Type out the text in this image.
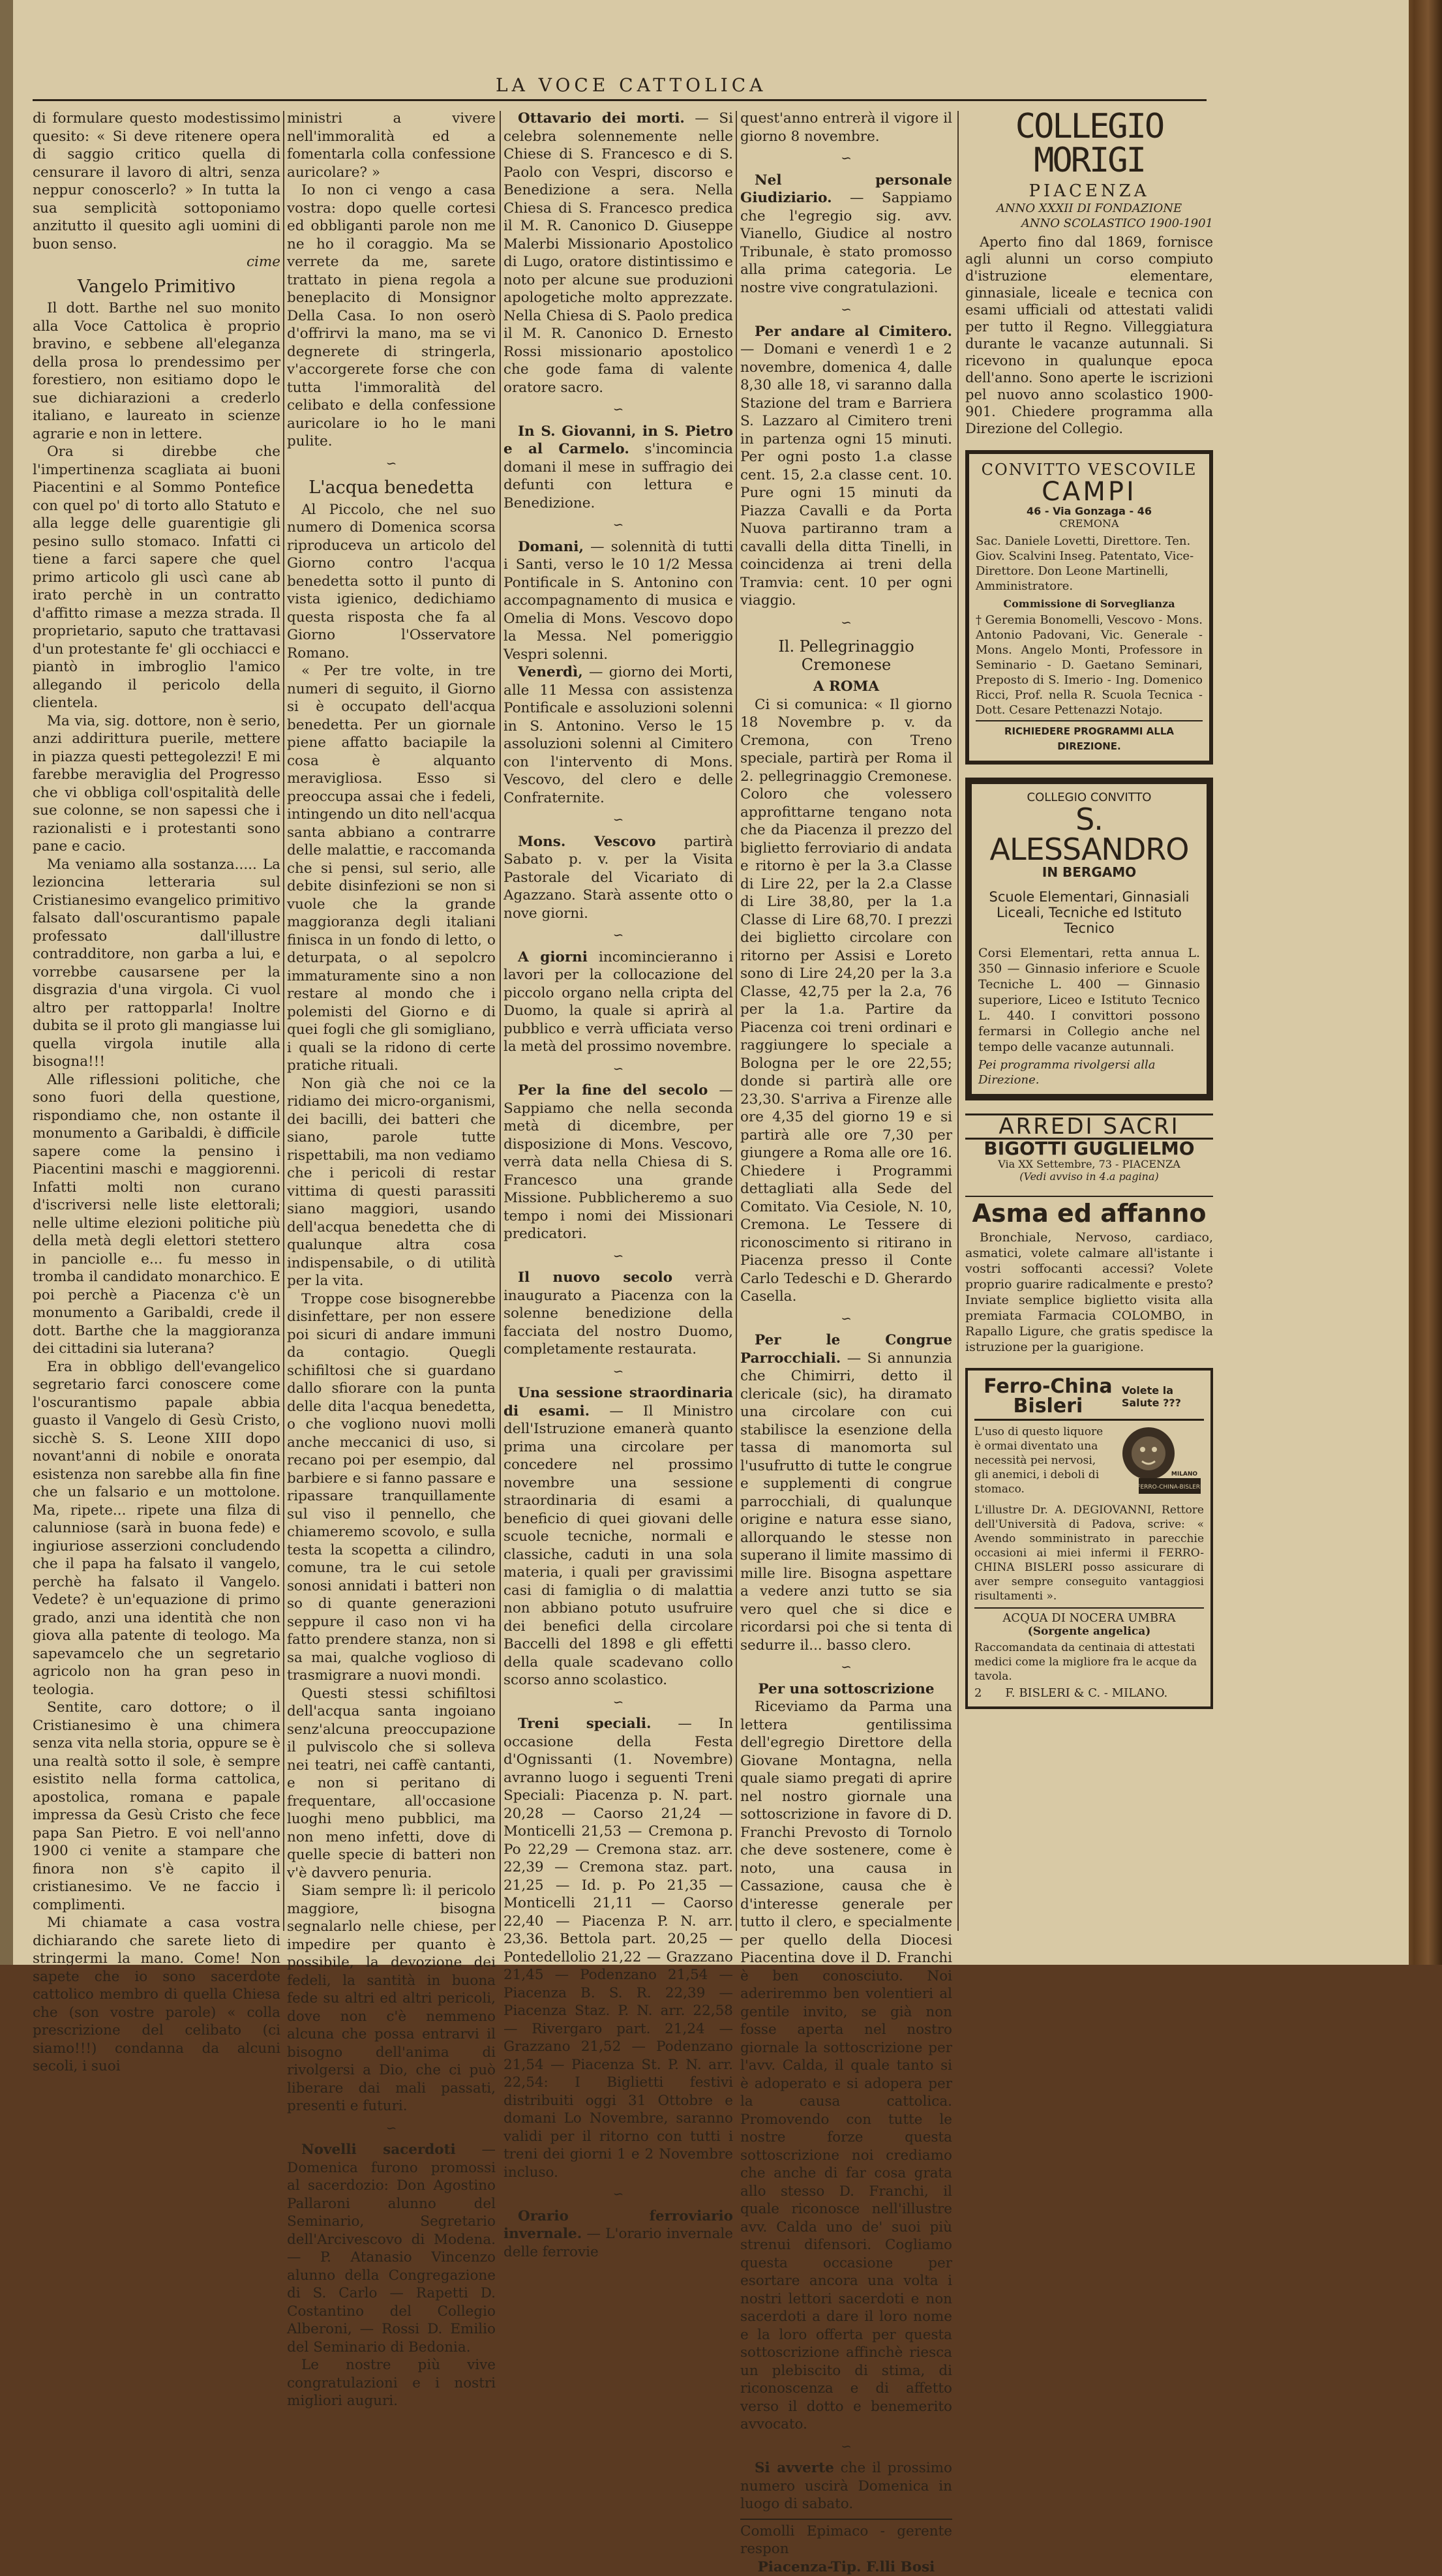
LA VOCE CATTOLICA

di formulare questo modestissimo quesito: « Si deve ritenere opera di saggio critico quella di censurare il lavoro di altri, senza neppur conoscerlo? » In tutta la sua semplicità sottoponiamo anzitutto il quesito agli uomini di buon senso.

cime

Vangelo Primitivo

Il dott. Barthe nel suo monito alla Voce Cattolica è proprio bravino, e sebbene all'eleganza della prosa lo prendessimo per forestiero, non esitiamo dopo le sue dichiarazioni a crederlo italiano, e laureato in scienze agrarie e non in lettere.

Ora si direbbe che l'impertinenza scagliata ai buoni Piacentini e al Sommo Pontefice con quel po' di torto allo Statuto e alla legge delle guarentigie gli pesino sullo stomaco. Infatti ci tiene a farci sapere che quel primo articolo gli uscì cane ab irato perchè in un contratto d'affitto rimase a mezza strada. Il proprietario, saputo che trattavasi d'un protestante fe' gli occhiacci e piantò in imbroglio l'amico allegando il pericolo della clientela.

Ma via, sig. dottore, non è serio, anzi addirittura puerile, mettere in piazza questi pettegolezzi! E mi farebbe meraviglia del Progresso che vi obbliga coll'ospitalità delle sue colonne, se non sapessi che i razionalisti e i protestanti sono pane e cacio.

Ma veniamo alla sostanza..... La lezioncina letteraria sul Cristianesimo evangelico primitivo falsato dall'oscurantismo papale professato dall'illustre contradditore, non garba a lui, e vorrebbe causarsene per la disgrazia d'una virgola. Ci vuol altro per rattopparla! Inoltre dubita se il proto gli mangiasse lui quella virgola inutile alla bisogna!!!

Alle riflessioni politiche, che sono fuori della questione, rispondiamo che, non ostante il monumento a Garibaldi, è difficile sapere come la pensino i Piacentini maschi e maggiorenni. Infatti molti non curano d'iscriversi nelle liste elettorali; nelle ultime elezioni politiche più della metà degli elettori stettero in panciolle e... fu messo in tromba il candidato monarchico. E poi perchè a Piacenza c'è un monumento a Garibaldi, crede il dott. Barthe che la maggioranza dei cittadini sia luterana?

Era in obbligo dell'evangelico segretario farci conoscere come l'oscurantismo papale abbia guasto il Vangelo di Gesù Cristo, sicchè S. S. Leone XIII dopo novant'anni di nobile e onorata esistenza non sarebbe alla fin fine che un falsario e un mottolone. Ma, ripete... ripete una filza di calunniose (sarà in buona fede) e ingiuriose asserzioni concludendo che il papa ha falsato il vangelo, perchè ha falsato il Vangelo. Vedete? è un'equazione di primo grado, anzi una identità che non giova alla patente di teologo. Ma sapevamcelo che un segretario agricolo non ha gran peso in teologia.

Sentite, caro dottore; o il Cristianesimo è una chimera senza vita nella storia, oppure se è una realtà sotto il sole, è sempre esistito nella forma cattolica, apostolica, romana e papale impressa da Gesù Cristo che fece papa San Pietro. E voi nell'anno 1900 ci venite a stampare che finora non s'è capito il cristianesimo. Ve ne faccio i complimenti.

Mi chiamate a casa vostra dichiarando che sarete lieto di stringermi la mano. Come! Non sapete che io sono sacerdote cattolico membro di quella Chiesa che (son vostre parole) « colla prescrizione del celibato (ci siamo!!!) condanna da alcuni secoli, i suoi

ministri a vivere nell'immoralità ed a fomentarla colla confessione auricolare? »

Io non ci vengo a casa vostra: dopo quelle cortesi ed obbliganti parole non me ne ho il coraggio. Ma se verrete da me, sarete trattato in piena regola a beneplacito di Monsignor Della Casa. Io non oserò d'offrirvi la mano, ma se vi degnerete di stringerla, v'accorgerete forse che con tutta l'immoralità del celibato e della confessione auricolare io ho le mani pulite.

∽
L'acqua benedetta

Al Piccolo, che nel suo numero di Domenica scorsa riproduceva un articolo del Giorno contro l'acqua benedetta sotto il punto di vista igienico, dedichiamo questa risposta che fa al Giorno l'Osservatore Romano.

« Per tre volte, in tre numeri di seguito, il Giorno si è occupato dell'acqua benedetta. Per un giornale piene affatto baciapile la cosa è alquanto meravigliosa. Esso si preoccupa assai che i fedeli, intingendo un dito nell'acqua santa abbiano a contrarre delle malattie, e raccomanda che si pensi, sul serio, alle debite disinfezioni se non si vuole che la grande maggioranza degli italiani finisca in un fondo di letto, o deturpata, o al sepolcro immaturamente sino a non restare al mondo che i polemisti del Giorno e di quei fogli che gli somigliano, i quali se la ridono di certe pratiche rituali.

Non già che noi ce la ridiamo dei micro-organismi, dei bacilli, dei batteri che siano, parole tutte rispettabili, ma non vediamo che i pericoli di restar vittima di questi parassiti siano maggiori, usando dell'acqua benedetta che di qualunque altra cosa indispensabile, o di utilità per la vita.

Troppe cose bisognerebbe disinfettare, per non essere poi sicuri di andare immuni da contagio. Quegli schifiltosi che si guardano dallo sfiorare con la punta delle dita l'acqua benedetta, o che vogliono nuovi molli anche meccanici di uso, si recano poi per esempio, dal barbiere e si fanno passare e ripassare tranquillamente sul viso il pennello, che chiameremo scovolo, e sulla testa la scopetta a cilindro, comune, tra le cui setole sonosi annidati i batteri non so di quante generazioni seppure il caso non vi ha fatto prendere stanza, non si sa mai, qualche voglioso di trasmigrare a nuovi mondi.

Questi stessi schifiltosi dell'acqua santa ingoiano senz'alcuna preoccupazione il pulviscolo che si solleva nei teatri, nei caffè cantanti, e non si peritano di frequentare, all'occasione luoghi meno pubblici, ma non meno infetti, dove di quelle specie di batteri non v'è davvero penuria.

Siam sempre lì: il pericolo maggiore, bisogna segnalarlo nelle chiese, per impedire per quanto è possibile, la devozione dei fedeli, la santità in buona fede su altri ed altri pericoli, dove non c'è nemmeno alcuna che possa entrarvi il bisogno dell'anima di rivolgersi a Dio, che ci può liberare dai mali passati, presenti e futuri.

∽

Novelli sacerdoti — Domenica furono promossi al sacerdozio: Don Agostino Pallaroni alunno del Seminario, Segretario dell'Arcivescovo di Modena. — P. Atanasio Vincenzo alunno della Congregazione di S. Carlo — Rapetti D. Costantino del Collegio Alberoni, — Rossi D. Emilio del Seminario di Bedonia.

Le nostre più vive congratulazioni e i nostri migliori auguri.

Ottavario dei morti. — Si celebra solennemente nelle Chiese di S. Francesco e di S. Paolo con Vespri, discorso e Benedizione a sera. Nella Chiesa di S. Francesco predica il M. R. Canonico D. Giuseppe Malerbi Missionario Apostolico di Lugo, oratore distintissimo e noto per alcune sue produzioni apologetiche molto apprezzate. Nella Chiesa di S. Paolo predica il M. R. Canonico D. Ernesto Rossi missionario apostolico che gode fama di valente oratore sacro.

∽

In S. Giovanni, in S. Pietro e al Carmelo. s'incomincia domani il mese in suffragio dei defunti con lettura e Benedizione.

∽

Domani, — solennità di tutti i Santi, verso le 10 1/2 Messa Pontificale in S. Antonino con accompagnamento di musica e Omelia di Mons. Vescovo dopo la Messa. Nel pomeriggio Vespri solenni.

Venerdì, — giorno dei Morti, alle 11 Messa con assistenza Pontificale e assoluzioni solenni in S. Antonino. Verso le 15 assoluzioni solenni al Cimitero con l'intervento di Mons. Vescovo, del clero e delle Confraternite.

∽

Mons. Vescovo partirà Sabato p. v. per la Visita Pastorale del Vicariato di Agazzano. Starà assente otto o nove giorni.

∽

A giorni incomincieranno i lavori per la collocazione del piccolo organo nella cripta del Duomo, la quale si aprirà al pubblico e verrà ufficiata verso la metà del prossimo novembre.

∽

Per la fine del secolo — Sappiamo che nella seconda metà di dicembre, per disposizione di Mons. Vescovo, verrà data nella Chiesa di S. Francesco una grande Missione. Pubblicheremo a suo tempo i nomi dei Missionari predicatori.

∽

Il nuovo secolo verrà inaugurato a Piacenza con la solenne benedizione della facciata del nostro Duomo, completamente restaurata.

∽

Una sessione straordinaria di esami. — Il Ministro dell'Istruzione emanerà quanto prima una circolare per concedere nel prossimo novembre una sessione straordinaria di esami a beneficio di quei giovani delle scuole tecniche, normali e classiche, caduti in una sola materia, i quali per gravissimi casi di famiglia o di malattia non abbiano potuto usufruire dei benefici della circolare Baccelli del 1898 e gli effetti della quale scadevano collo scorso anno scolastico.

∽

Treni speciali. — In occasione della Festa d'Ognissanti (1. Novembre) avranno luogo i seguenti Treni Speciali: Piacenza p. N. part. 20,28 — Caorso 21,24 — Monticelli 21,53 — Cremona p. Po 22,29 — Cremona staz. arr. 22,39 — Cremona staz. part. 21,25 — Id. p. Po 21,35 — Monticelli 21,11 — Caorso 22,40 — Piacenza P. N. arr. 23,36. Bettola part. 20,25 — Pontedellolio 21,22 — Grazzano 21,45 — Podenzano 21,54 — Piacenza B. S. R. 22,39 — Piacenza Staz. P. N. arr. 22,58 — Rivergaro part. 21,24 — Grazzano 21,52 — Podenzano 21,54 — Piacenza St. P. N. arr. 22,54: I Biglietti festivi distribuiti oggi 31 Ottobre e domani Lo Novembre, saranno validi per il ritorno con tutti i treni dei giorni 1 e 2 Novembre incluso.

∽

Orario ferroviario invernale. — L'orario invernale delle ferrovie

quest'anno entrerà il vigore il giorno 8 novembre.

∽

Nel personale Giudiziario. — Sappiamo che l'egregio sig. avv. Vianello, Giudice al nostro Tribunale, è stato promosso alla prima categoria. Le nostre vive congratulazioni.

∽

Per andare al Cimitero. — Domani e venerdì 1 e 2 novembre, domenica 4, dalle 8,30 alle 18, vi saranno dalla Stazione del tram e Barriera S. Lazzaro al Cimitero treni in partenza ogni 15 minuti. Per ogni posto 1.a classe cent. 15, 2.a classe cent. 10. Pure ogni 15 minuti da Piazza Cavalli e da Porta Nuova partiranno tram a cavalli della ditta Tinelli, in coincidenza ai treni della Tramvia: cent. 10 per ogni viaggio.

∽
Il. Pellegrinaggio Cremonese
A ROMA

Ci si comunica: « Il giorno 18 Novembre p. v. da Cremona, con Treno speciale, partirà per Roma il 2. pellegrinaggio Cremonese. Coloro che volessero approfittarne tengano nota che da Piacenza il prezzo del biglietto ferroviario di andata e ritorno è per la 3.a Classe di Lire 22, per la 2.a Classe di Lire 38,80, per la 1.a Classe di Lire 68,70. I prezzi dei biglietto circolare con ritorno per Assisi e Loreto sono di Lire 24,20 per la 3.a Classe, 42,75 per la 2.a, 76 per la 1.a. Partire da Piacenza coi treni ordinari e raggiungere lo speciale a Bologna per le ore 22,55; donde si partirà alle ore 23,30. S'arriva a Firenze alle ore 4,35 del giorno 19 e si partirà alle ore 7,30 per giungere a Roma alle ore 16. Chiedere i Programmi dettagliati alla Sede del Comitato. Via Cesiole, N. 10, Cremona. Le Tessere di riconoscimento si ritirano in Piacenza presso il Conte Carlo Tedeschi e D. Gherardo Casella.

∽

Per le Congrue Parrocchiali. — Si annunzia che Chimirri, detto il clericale (sic), ha diramato una circolare con cui stabilisce la esenzione della tassa di manomorta sul l'usufrutto di tutte le congrue e supplementi di congrue parrocchiali, di qualunque origine e natura esse siano, allorquando le stesse non superano il limite massimo di mille lire. Bisogna aspettare a vedere anzi tutto se sia vero quel che si dice e ricordarsi poi che si tenta di sedurre il... basso clero.

∽
Per una sottoscrizione

Riceviamo da Parma una lettera gentilissima dell'egregio Direttore della Giovane Montagna, nella quale siamo pregati di aprire nel nostro giornale una sottoscrizione in favore di D. Franchi Prevosto di Tornolo che deve sostenere, come è noto, una causa in Cassazione, causa che è d'interesse generale per tutto il clero, e specialmente per quello della Diocesi Piacentina dove il D. Franchi è ben conosciuto. Noi aderiremmo ben volentieri al gentile invito, se già non fosse aperta nel nostro giornale la sottoscrizione per l'avv. Calda, il quale tanto si è adoperato e si adopera per la causa cattolica. Promovendo con tutte le nostre forze questa sottoscrizione noi crediamo che anche di far cosa grata allo stesso D. Franchi, il quale riconosce nell'illustre avv. Calda uno de' suoi più strenui difensori. Cogliamo questa occasione per esortare ancora una volta i nostri lettori sacerdoti e non sacerdoti a dare il loro nome e la loro offerta per questa sottoscrizione affinchè riesca un plebiscito di stima, di riconoscenza e di affetto verso il dotto e benemerito avvocato.

∽

Si avverte che il prossimo numero uscirà Domenica in luogo di sabato.

Comolli Epimaco - gerente respon
Piacenza-Tip. F.lli Bosi
COLLEGIO MORIGI
PIACENZA
ANNO XXXII DI FONDAZIONE
ANNO SCOLASTICO 1900-1901

Aperto fino dal 1869, fornisce agli alunni un corso compiuto d'istruzione elementare, ginnasiale, liceale e tecnica con esami ufficiali od attestati validi per tutto il Regno. Villeggiatura durante le vacanze autunnali. Si ricevono in qualunque epoca dell'anno. Sono aperte le iscrizioni pel nuovo anno scolastico 1900-901. Chiedere programma alla Direzione del Collegio.

CONVITTO VESCOVILE
CAMPI
46 - Via Gonzaga - 46
CREMONA

Sac. Daniele Lovetti, Direttore. Ten. Giov. Scalvini Inseg. Patentato, Vice-Direttore. Don Leone Martinelli, Amministratore.

Commissione di Sorveglianza

† Geremia Bonomelli, Vescovo - Mons. Antonio Padovani, Vic. Generale - Mons. Angelo Monti, Professore in Seminario - D. Gaetano Seminari, Preposto di S. Imerio - Ing. Domenico Ricci, Prof. nella R. Scuola Tecnica - Dott. Cesare Pettenazzi Notajo.

RICHIEDERE PROGRAMMI ALLA DIREZIONE.
COLLEGIO CONVITTO
S. ALESSANDRO
IN BERGAMO
Scuole Elementari, Ginnasiali Liceali, Tecniche ed Istituto Tecnico

Corsi Elementari, retta annua L. 350 — Ginnasio inferiore e Scuole Tecniche L. 400 — Ginnasio superiore, Liceo e Istituto Tecnico L. 440. I convittori possono fermarsi in Collegio anche nel tempo delle vacanze autunnali.

Pei programma rivolgersi alla Direzione.
ARREDI SACRI
BIGOTTI GUGLIELMO
Via XX Settembre, 73 - PIACENZA
(Vedi avviso in 4.a pagina)
Asma ed affanno

Bronchiale, Nervoso, cardiaco, asmatici, volete calmare all'istante i vostri soffocanti accessi? Volete proprio guarire radicalmente e presto? Inviate semplice biglietto visita alla premiata Farmacia COLOMBO, in Rapallo Ligure, che gratis spedisce la istruzione per la guarigione.

Ferro-China Bisleri
Volete la Salute ???
FERRO-CHINA-BISLERI
MILANO

L'uso di questo liquore è ormai diventato una necessità pei nervosi, gli anemici, i deboli di stomaco.

L'illustre Dr. A. DEGIOVANNI, Rettore dell'Università di Padova, scrive: « Avendo somministrato in parecchie occasioni ai miei infermi il FERRO-CHINA BISLERI posso assicurare di aver sempre conseguito vantaggiosi risultamenti ».

ACQUA DI NOCERA UMBRA
(Sorgente angelica)

Raccomandata da centinaia di attestati medici come la migliore fra le acque da tavola.

2 F. BISLERI & C. - MILANO.
